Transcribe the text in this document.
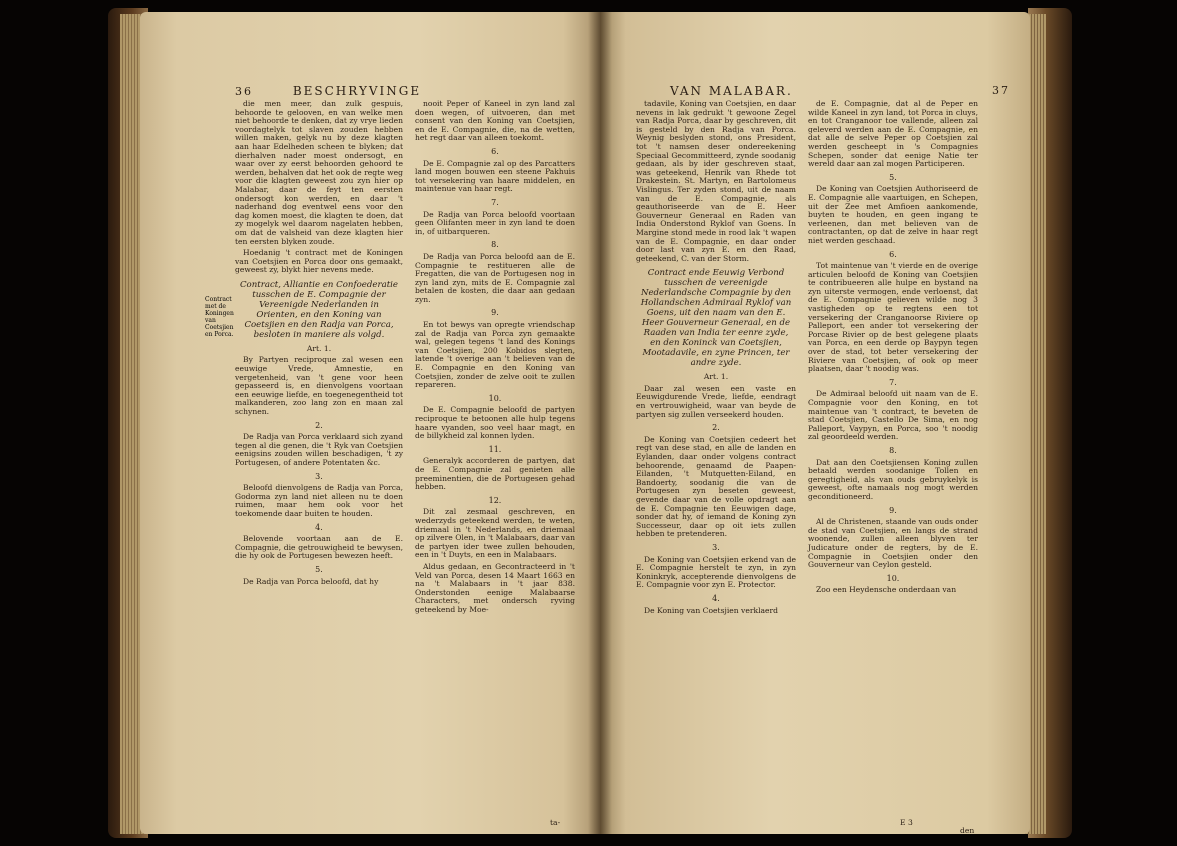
36	BESCHRYVINGE

die men meer, dan zulk gespuis, behoorde te gelooven, en van welke men niet behoorde te denken, dat zy vrye lieden voordagtelyk tot slaven zouden hebben willen maken, gelyk nu by deze klagten aan haar Edelheden scheen te blyken; dat dierhalven nader moest ondersogt, en waar over zy eerst behoorden gehoord te werden, behalven dat het ook de regte weg voor die klagten geweest zou zyn hier op Malabar, daar de feyt ten eersten ondersogt kon werden, en daar 't naderhand dog eventwel eens voor den dag komen moest, die klagten te doen, dat zy mogelyk wel daarom nagelaten hebben, om dat de valsheid van deze klagten hier ten eersten blyken zoude.

Hoedanig 't contract met de Koningen van Coetsjien en Porca door ons gemaakt, geweest zy, blykt hier nevens mede.

Contract, Alliantie en Confoederatie tusschen de E. Compagnie der Vereenigde Nederlanden in Orienten, en den Koning van Coetsjien en den Radja van Porca, besloten in maniere als volgd.
Art. 1.

By Partyen reciproque zal wesen een eeuwige Vrede, Amnestie, en vergetenheid, van 't gene voor heen gepasseerd is, en dienvolgens voortaan een eeuwige liefde, en toegenegentheid tot malkanderen, zoo lang zon en maan zal schynen.

2.

De Radja van Porca verklaard sich zyand tegen al die genen, die 't Ryk van Coetsjien eenigsins zouden willen beschadigen, 't zy Portugesen, of andere Potentaten &c.

3.

Beloofd dienvolgens de Radja van Porca, Godorma zyn land niet alleen nu te doen ruimen, maar hem ook voor het toekomende daar buiten te houden.

4.

Belovende voortaan aan de E. Compagnie, die getrouwigheid te bewysen, die hy ook de Portugesen bewezen heeft.

5.

De Radja van Porca beloofd, dat hy

nooit Peper of Kaneel in zyn land zal doen wegen, of uitvoeren, dan met consent van den Koning van Coetsjien, en de E. Compagnie, die, na de wetten, het regt daar van alleen toekomt.

6.

De E. Compagnie zal op des Parcatters land mogen bouwen een steene Pakhuis tot versekering van haare middelen, en maintenue van haar regt.

7.

De Radja van Porca beloofd voortaan geen Olifanten meer in zyn land te doen in, of uitbarqueren.

8.

De Radja van Porca beloofd aan de E. Compagnie te restitueren alle de Fregatten, die van de Portugesen nog in zyn land zyn, mits de E. Compagnie zal betalen de kosten, die daar aan gedaan zyn.

9.

En tot bewys van opregte vriendschap zal de Radja van Porca zyn gemaakte wal, gelegen tegens 't land des Konings van Coetsjien, 200 Kobidos slegten, latende 't overige aan 't believen van de E. Compagnie en den Koning van Coetsjien, zonder de zelve ooit te zullen repareren.

10.

De E. Compagnie beloofd de partyen reciproque te betoonen alle hulp tegens haare vyanden, soo veel haar magt, en de billykheid zal konnen lyden.

11.

Generalyk accorderen de partyen, dat de E. Compagnie zal genieten alle preeminentien, die de Portugesen gehad hebben.

12.

Dit zal zesmaal geschreven, en wederzyds geteekend werden, te weten, driemaal in 't Nederlands, en driemaal op zilvere Olen, in 't Malabaars, daar van de partyen ider twee zullen behouden, een in 't Duyts, en een in Malabaars.

Aldus gedaan, en Gecontracteerd in 't Veld van Porca, desen 14 Maart 1663 en na 't Malabaars in 't jaar 838. Onderstonden eenige Malabaarse Characters, met ondersch ryving geteekend by Moe-

ta-
Contract met de Koningen van Coetsjien en Porca.
VAN MALABAR.	37

tadavile, Koning van Coetsjien, en daar nevens in lak gedrukt 't gewoone Zegel van Radja Porca, daar by geschreven, dit is gesteld by den Radja van Porca. Weynig beslyden stond, ons President, tot 't namsen deser ondereekening Speciaal Gecommitteerd, zynde soodanig gedaan, als by ider geschreven staat, was geteekend, Henrik van Rhede tot Drakestein. St. Martyn, en Bartolomeus Vislingus. Ter zyden stond, uit de naam van de E. Compagnie, als geauthoriseerde van de E. Heer Gouverneur Generaal en Raden van India Onderstond Ryklof van Goens. In Margine stond mede in rood lak 't wapen van de E. Compagnie, en daar onder door last van zyn E. en den Raad, geteekend, C. van der Storm.

Contract ende Eeuwig Verbond tusschen de vereenigde Nederlandsche Compagnie by den Hollandschen Admiraal Ryklof van Goens, uit den naam van den E. Heer Gouverneur Generaal, en de Raaden van India ter eenre zyde, en den Koninck van Coetsjien, Mootadavile, en zyne Princen, ter andre zyde.
Art. 1.

Daar zal wesen een vaste en Eeuwigdurende Vrede, liefde, eendragt en vertrouwigheid, waar van beyde de partyen sig zullen verseekerd houden.

2.

De Koning van Coetsjien cedeert het regt van dese stad, en alle de landen en Eylanden, daar onder volgens contract behoorende, genaamd de Paapen-Eilanden, 't Mutquetten-Eiland, en Bandoerty, soodanig die van de Portugesen zyn beseten geweest, gevende daar van de volle opdragt aan de E. Compagnie ten Eeuwigen dage, sonder dat hy, of iemand de Koning zyn Successeur, daar op oit iets zullen hebben te pretenderen.

3.

De Koning van Coetsjien erkend van de E. Compagnie herstelt te zyn, in zyn Koninkryk, accepterende dienvolgens de E. Compagnie voor zyn E. Protector.

4.

De Koning van Coetsjien verklaerd

de E. Compagnie, dat al de Peper en wilde Kaneel in zyn land, tot Porca in cluys, en tot Cranganoor toe vallende, alleen zal geleverd werden aan de E. Compagnie, en dat alle de selve Peper op Coetsjien zal werden gescheept in 's Compagnies Schepen, sonder dat eenige Natie ter wereld daar aan zal mogen Participeren.

5.

De Koning van Coetsjien Authoriseerd de E. Compagnie alle vaartuigen, en Schepen, uit der Zee met Amfioen aankomende, buyten te houden, en geen ingang te verleenen, dan met believen van de contractanten, op dat de zelve in haar regt niet werden geschaad.

6.

Tot maintenue van 't vierde en de overige articulen beloofd de Koning van Coetsjien te contribueeren alle hulpe en bystand na zyn uiterste vermogen, ende verloenst, dat de E. Compagnie gelieven wilde nog 3 vastigheden op te regtens een tot versekering der Cranganoorse Riviere op Palleport, een ander tot versekering der Porcase Rivier op de best gelegene plaats van Porca, en een derde op Baypyn tegen over de stad, tot beter versekering der Riviere van Coetsjien, of ook op meer plaatsen, daar 't noodig was.

7.

De Admiraal beloofd uit naam van de E. Compagnie voor den Koning, en tot maintenue van 't contract, te beveten de stad Coetsjien, Castello De Sima, en nog Palleport, Vaypyn, en Porca, soo 't noodig zal geoordeeld werden.

8.

Dat aan den Coetsjiensen Koning zullen betaald werden soodanige Tollen en geregtigheid, als van ouds gebruykelyk is geweest, ofte namaals nog mogt werden geconditioneerd.

9.

Al de Christenen, staande van ouds onder de stad van Coetsjien, en langs de strand woonende, zullen alleen blyven ter Judicature onder de regters, by de E. Compagnie in Coetsjien onder den Gouverneur van Ceylon gesteld.

10.

Zoo een Heydensche onderdaan van

E 3
den
